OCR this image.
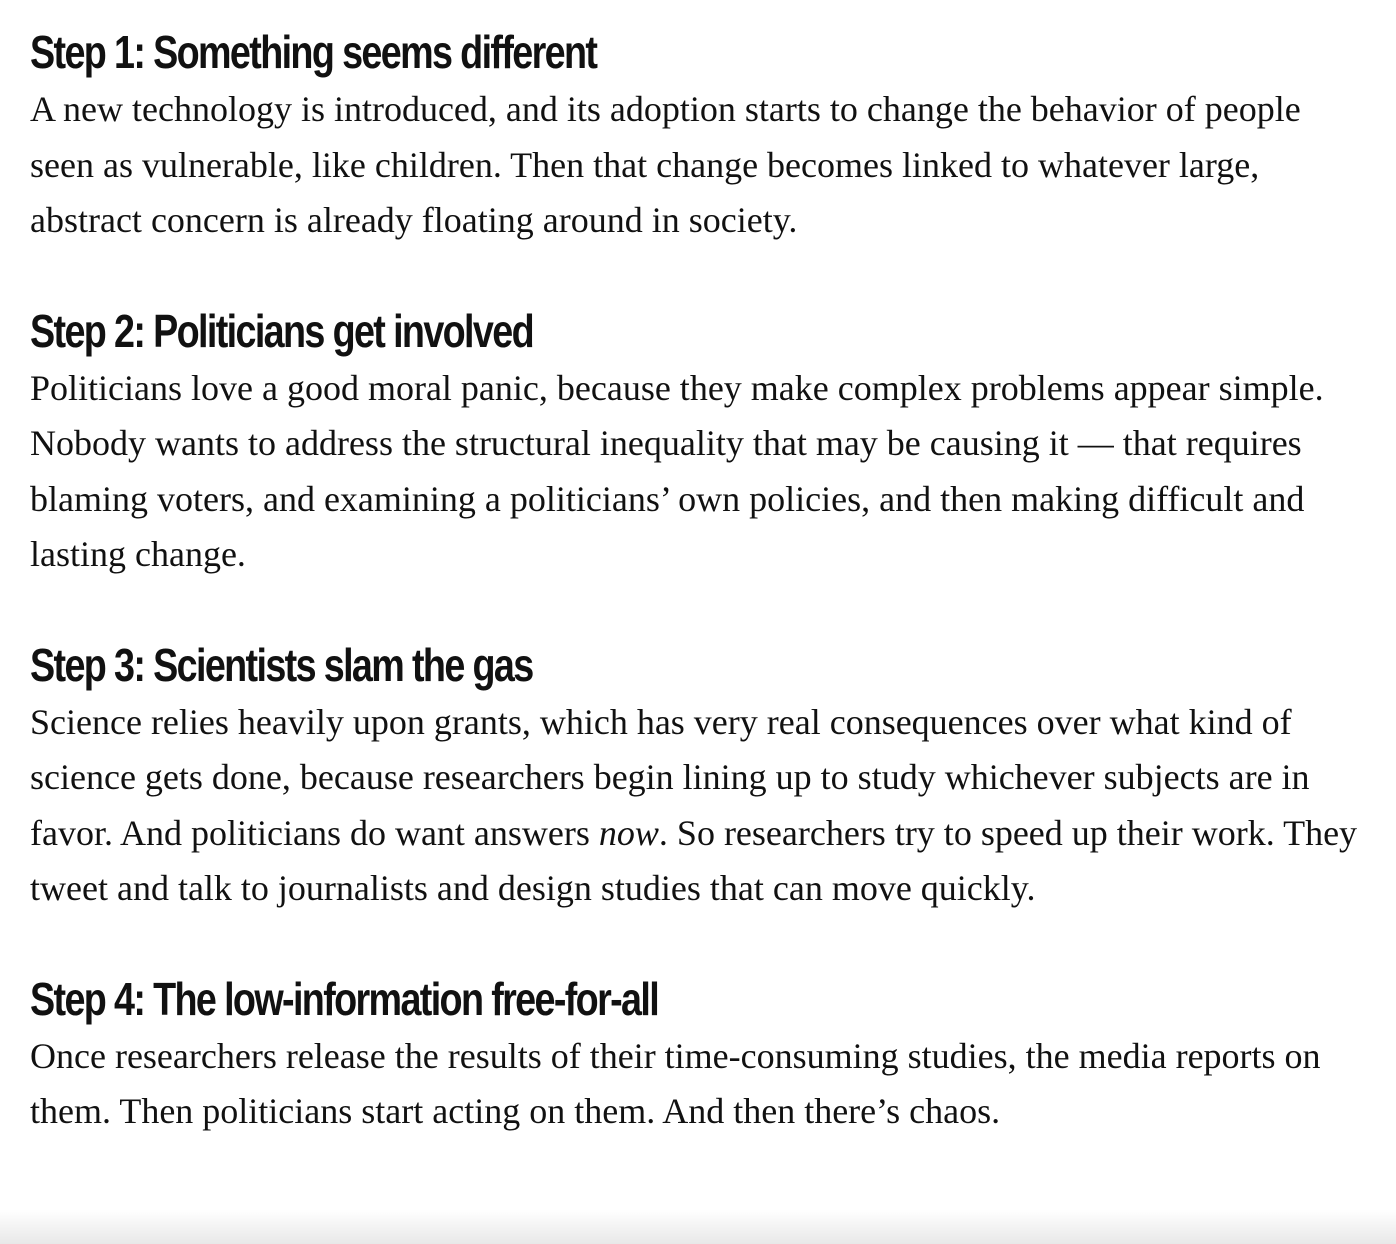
Step 1: Something seems different

A new technology is introduced, and its adoption starts to change the behavior of people seen as vulnerable, like children. Then that change becomes linked to whatever large, abstract concern is already floating around in society.

Step 2: Politicians get involved

Politicians love a good moral panic, because they make complex problems appear simple. Nobody wants to address the structural inequality that may be causing it — that requires blaming voters, and examining a politicians’ own policies, and then making difficult and lasting change.

Step 3: Scientists slam the gas

Science relies heavily upon grants, which has very real consequences over what kind of science gets done, because researchers begin lining up to study whichever subjects are in favor. And politicians do want answers now. So researchers try to speed up their work. They tweet and talk to journalists and design studies that can move quickly.

Step 4: The low-information free-for-all

Once researchers release the results of their time-consuming studies, the media reports on them. Then politicians start acting on them. And then there’s chaos.
